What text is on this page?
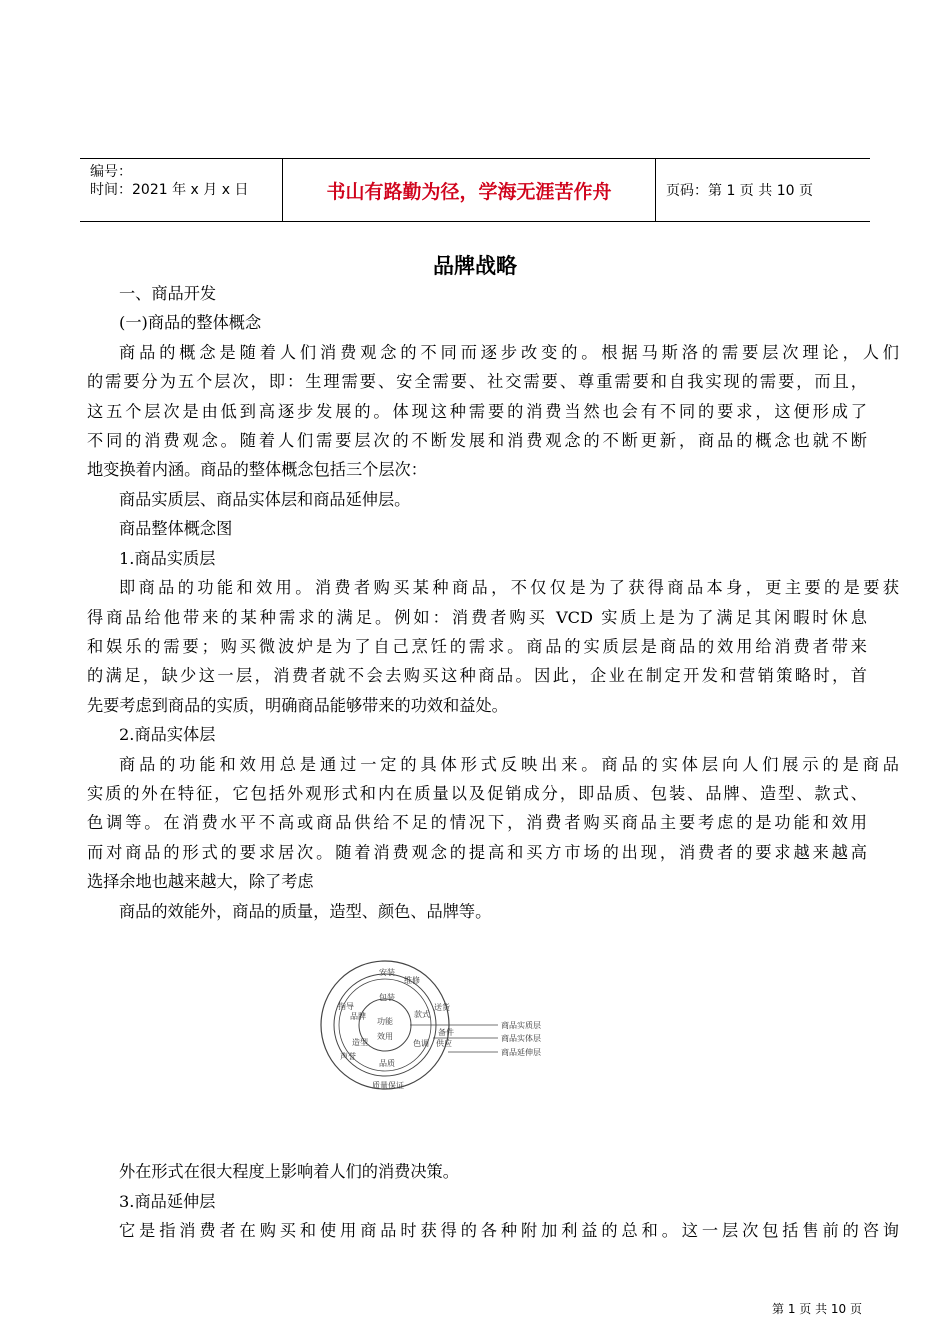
编号：
时间：2021 年 x 月 x 日	书山有路勤为径，学海无涯苦作舟	页码：第 1 页 共 10 页
品牌战略
一、商品开发
(一)商品的整体概念
商品的概念是随着人们消费观念的不同而逐步改变的。根据马斯洛的需要层次理论，人们
的需要分为五个层次，即：生理需要、安全需要、社交需要、尊重需要和自我实现的需要，而且，
这五个层次是由低到高逐步发展的。体现这种需要的消费当然也会有不同的要求，这便形成了
不同的消费观念。随着人们需要层次的不断发展和消费观念的不断更新，商品的概念也就不断
地变换着内涵。商品的整体概念包括三个层次：
商品实质层、商品实体层和商品延伸层。
商品整体概念图
1.商品实质层
即商品的功能和效用。消费者购买某种商品，不仅仅是为了获得商品本身，更主要的是要获
得商品给他带来的某种需求的满足。例如：消费者购买 VCD 实质上是为了满足其闲暇时休息
和娱乐的需要；购买微波炉是为了自己烹饪的需求。商品的实质层是商品的效用给消费者带来
的满足，缺少这一层，消费者就不会去购买这种商品。因此，企业在制定开发和营销策略时，首
先要考虑到商品的实质，明确商品能够带来的功效和益处。
2.商品实体层
商品的功能和效用总是通过一定的具体形式反映出来。商品的实体层向人们展示的是商品
实质的外在特征，它包括外观形式和内在质量以及促销成分，即品质、包装、品牌、造型、款式、
色调等。在消费水平不高或商品供给不足的情况下，消费者购买商品主要考虑的是功能和效用
而对商品的形式的要求居次。随着消费观念的提高和买方市场的出现，消费者的要求越来越高
选择余地也越来越大，除了考虑
商品的效能外，商品的质量，造型、颜色、品牌等。
安装
维修
送货
指导
声誉
质量保证
包装
款式
品牌
造型	色调
品质
功能
效用	备件
供应
商品实质层
商品实体层
商品延伸层
外在形式在很大程度上影响着人们的消费决策。
3.商品延伸层
它是指消费者在购买和使用商品时获得的各种附加利益的总和。这一层次包括售前的咨询
第 1 页 共 10 页
